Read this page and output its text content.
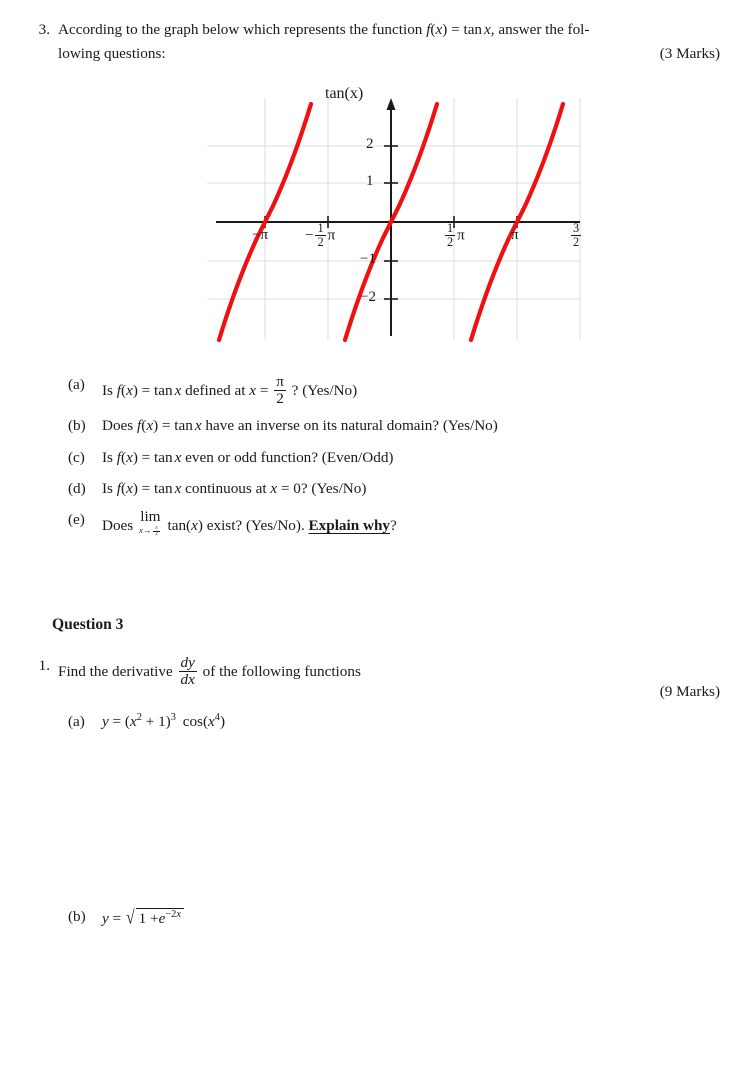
3. According to the graph below which represents the function f(x) = tan x, answer the fol-
lowing questions:	(3 Marks)
tan(x)
2
1
−1
−2
$-\pi - \frac{1}{2}$ π	$\frac{1}{2}$ π	π	$\frac{3}{2}$
(a)	Is f(x) = tan x defined at $x = \frac{\pi}{2}$ ? (Yes/No)
(b)	Does f(x) = tan x have an inverse on its natural domain? (Yes/No)
(c)	Is f(x) = tan x even or odd function? (Even/Odd)
(d)	Is f(x) = tan x continuous at x = 0? (Yes/No)
(e)	Does
lim
$x\to \frac{\pi}{2} \tan(x)$ exist? (Yes/No). Explain why?
Question 3
1. Find the derivative $\frac{dy}{dx}$ of the following functions
(9 Marks)
(a)	$y = (x^2 + 1)^3$ $\cos(x^4)$
(b)	y = √ $1 +e^{-2x}$
